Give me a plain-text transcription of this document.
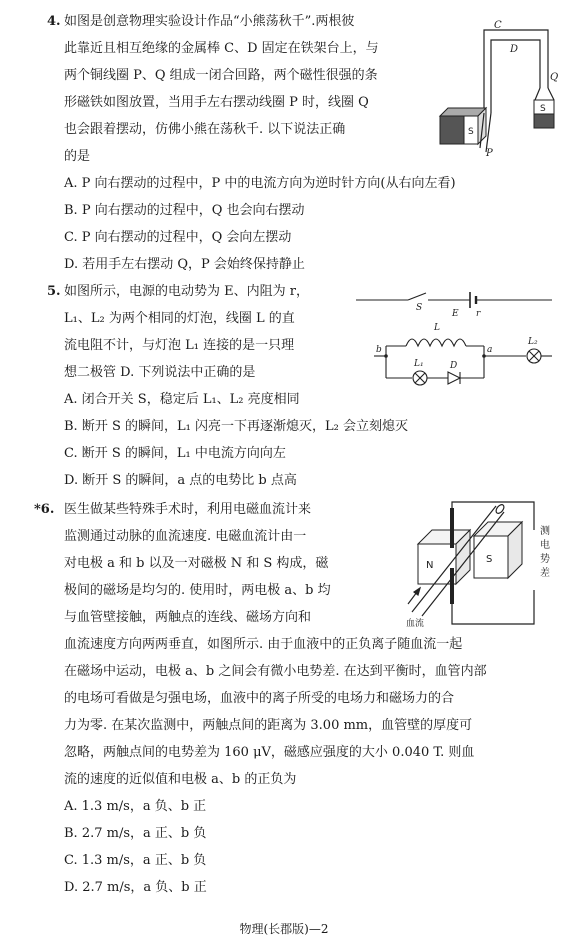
4. 如图是创意物理实验设计作品“小熊荡秋千”.两根彼
此靠近且相互绝缘的金属棒 C、D 固定在铁架台上，与
两个铜线圈 P、Q 组成一闭合回路，两个磁性很强的条
形磁铁如图放置，当用手左右摆动线圈 P 时，线圈 Q
也会跟着摆动，仿佛小熊在荡秋千. 以下说法正确
的是
A. P 向右摆动的过程中，P 中的电流方向为逆时针方向(从右向左看)
B. P 向右摆动的过程中，Q 也会向右摆动
C. P 向右摆动的过程中，Q 会向左摆动
D. 若用手左右摆动 Q，P 会始终保持静止
C
D
Q
P
S
S
5. 如图所示，电源的电动势为 E、内阻为 r，
L₁、L₂ 为两个相同的灯泡，线圈 L 的直
流电阻不计，与灯泡 L₁ 连接的是一只理
想二极管 D. 下列说法中正确的是
A. 闭合开关 S，稳定后 L₁、L₂ 亮度相同
B. 断开 S 的瞬间，L₁ 闪亮一下再逐渐熄灭，L₂ 会立刻熄灭
C. 断开 S 的瞬间，L₁ 中电流方向向左
D. 断开 S 的瞬间，a 点的电势比 b 点高
S
E r
L
b	a
L₁	D
L₂
*6. 医生做某些特殊手术时，利用电磁血流计来
监测通过动脉的血流速度. 电磁血流计由一
对电极 a 和 b 以及一对磁极 N 和 S 构成，磁
极间的磁场是均匀的. 使用时，两电极 a、b 均
与血管壁接触，两触点的连线、磁场方向和
血流速度方向两两垂直，如图所示. 由于血液中的正负离子随血流一起
在磁场中运动，电极 a、b 之间会有微小电势差. 在达到平衡时，血管内部
的电场可看做是匀强电场，血液中的离子所受的电场力和磁场力的合
力为零. 在某次监测中，两触点间的距离为 3.00 mm，血管壁的厚度可
忽略，两触点间的电势差为 160 μV，磁感应强度的大小 0.040 T. 则血
流的速度的近似值和电极 a、b 的正负为
A. 1.3 m/s，a 负、b 正
B. 2.7 m/s，a 正、b 负
C. 1.3 m/s，a 正、b 负
D. 2.7 m/s，a 负、b 正
N
S
血流
测
电
势
差
物理(长郡版)—2
